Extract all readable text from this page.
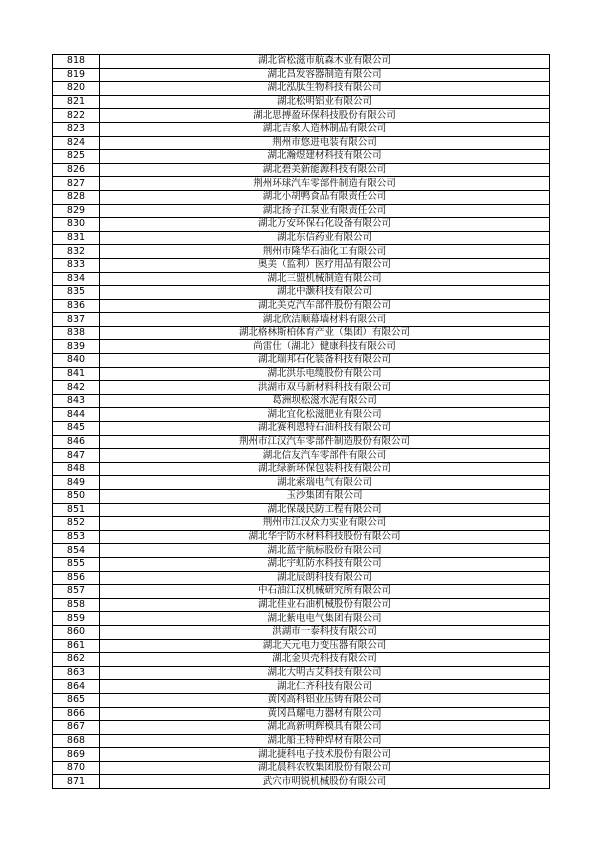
818	湖北省松滋市航森木业有限公司
819	湖北昌发容器制造有限公司
820	湖北泓肽生物科技有限公司
821	湖北松明铝业有限公司
822	湖北思搏盈环保科技股份有限公司
823	湖北吉象人造林制品有限公司
824	荆州市悠进电装有限公司
825	湖北瀚煜建材科技有限公司
826	湖北碧美新能源科技有限公司
827	荆州环球汽车零部件制造有限公司
828	湖北小胡鸭食品有限责任公司
829	湖北扬子江泵业有限责任公司
830	湖北万安环保石化设备有限公司
831	湖北东信药业有限公司
832	荆州市隆华石油化工有限公司
833	奥美（监利）医疗用品有限公司
834	湖北三盟机械制造有限公司
835	湖北中灏科技有限公司
836	湖北美克汽车部件股份有限公司
837	湖北欣洁顺幕墙材料有限公司
838	湖北格林斯柏体育产业（集团）有限公司
839	尚雷仕（湖北）健康科技有限公司
840	湖北瑞邦石化装备科技有限公司
841	湖北洪乐电缆股份有限公司
842	洪湖市双马新材料科技有限公司
843	葛洲坝松滋水泥有限公司
844	湖北宜化松滋肥业有限公司
845	湖北赛利恩特石油科技有限公司
846	荆州市江汉汽车零部件制造股份有限公司
847	湖北信友汽车零部件有限公司
848	湖北绿新环保包装科技有限公司
849	湖北索瑞电气有限公司
850	玉沙集团有限公司
851	湖北保晟民防工程有限公司
852	荆州市江汉众力实业有限公司
853	湖北华宇防水材料科技股份有限公司
854	湖北蓝宇航标股份有限公司
855	湖北宇虹防水科技有限公司
856	湖北辰朗科技有限公司
857	中石油江汉机械研究所有限公司
858	湖北佳业石油机械股份有限公司
859	湖北紫电电气集团有限公司
860	洪湖市一泰科技有限公司
861	湖北天元电力变压器有限公司
862	湖北金贝壳科技有限公司
863	湖北大明古艾科技有限公司
864	湖北仁齐科技有限公司
865	黄冈高科铝业压铸有限公司
866	黄冈昌耀电力器材有限公司
867	湖北高新明辉模具有限公司
868	湖北船王特种焊材有限公司
869	湖北捷科电子技术股份有限公司
870	湖北晨科农牧集团股份有限公司
871	武穴市明锐机械股份有限公司
